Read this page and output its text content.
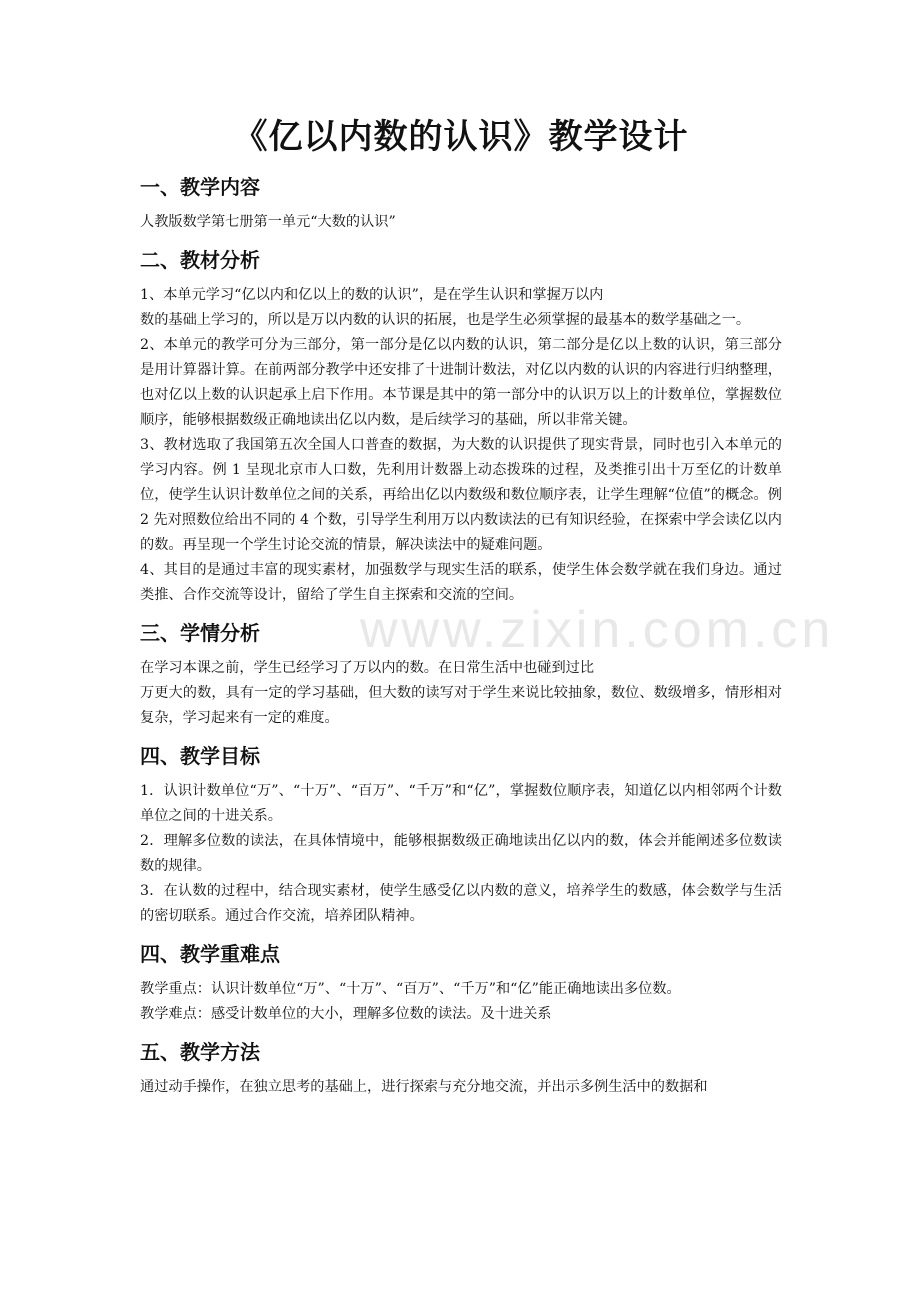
www.zixin.com.cn
《亿以内数的认识》教学设计
一、教学内容

人教版数学第七册第一单元“大数的认识”

二、教材分析

1、本单元学习“亿以内和亿以上的数的认识”，是在学生认识和掌握万以内

数的基础上学习的，所以是万以内数的认识的拓展，也是学生必须掌握的最基本的数学基础之一。

2、本单元的教学可分为三部分，第一部分是亿以内数的认识，第二部分是亿以上数的认识，第三部分是用计算器计算。在前两部分教学中还安排了十进制计数法，对亿以内数的认识的内容进行归纳整理，也对亿以上数的认识起承上启下作用。本节课是其中的第一部分中的认识万以上的计数单位，掌握数位顺序，能够根据数级正确地读出亿以内数，是后续学习的基础，所以非常关键。

3、教材选取了我国第五次全国人口普查的数据，为大数的认识提供了现实背景，同时也引入本单元的学习内容。例 1 呈现北京市人口数，先利用计数器上动态拨珠的过程，及类推引出十万至亿的计数单位，使学生认识计数单位之间的关系，再给出亿以内数级和数位顺序表，让学生理解“位值”的概念。例 2 先对照数位给出不同的 4 个数，引导学生利用万以内数读法的已有知识经验，在探索中学会读亿以内的数。再呈现一个学生讨论交流的情景，解决读法中的疑难问题。

4、其目的是通过丰富的现实素材，加强数学与现实生活的联系，使学生体会数学就在我们身边。通过类推、合作交流等设计，留给了学生自主探索和交流的空间。

三、学情分析

在学习本课之前，学生已经学习了万以内的数。在日常生活中也碰到过比

万更大的数，具有一定的学习基础，但大数的读写对于学生来说比较抽象，数位、数级增多，情形相对复杂，学习起来有一定的难度。

四、教学目标

1．认识计数单位“万”、“十万”、“百万”、“千万”和“亿”，掌握数位顺序表，知道亿以内相邻两个计数单位之间的十进关系。

2．理解多位数的读法，在具体情境中，能够根据数级正确地读出亿以内的数，体会并能阐述多位数读数的规律。

3．在认数的过程中，结合现实素材，使学生感受亿以内数的意义，培养学生的数感，体会数学与生活的密切联系。通过合作交流，培养团队精神。

四、教学重难点

教学重点：认识计数单位“万”、“十万”、“百万”、“千万”和“亿”能正确地读出多位数。

教学难点：感受计数单位的大小，理解多位数的读法。及十进关系

五、教学方法

通过动手操作，在独立思考的基础上，进行探索与充分地交流，并出示多例生活中的数据和
